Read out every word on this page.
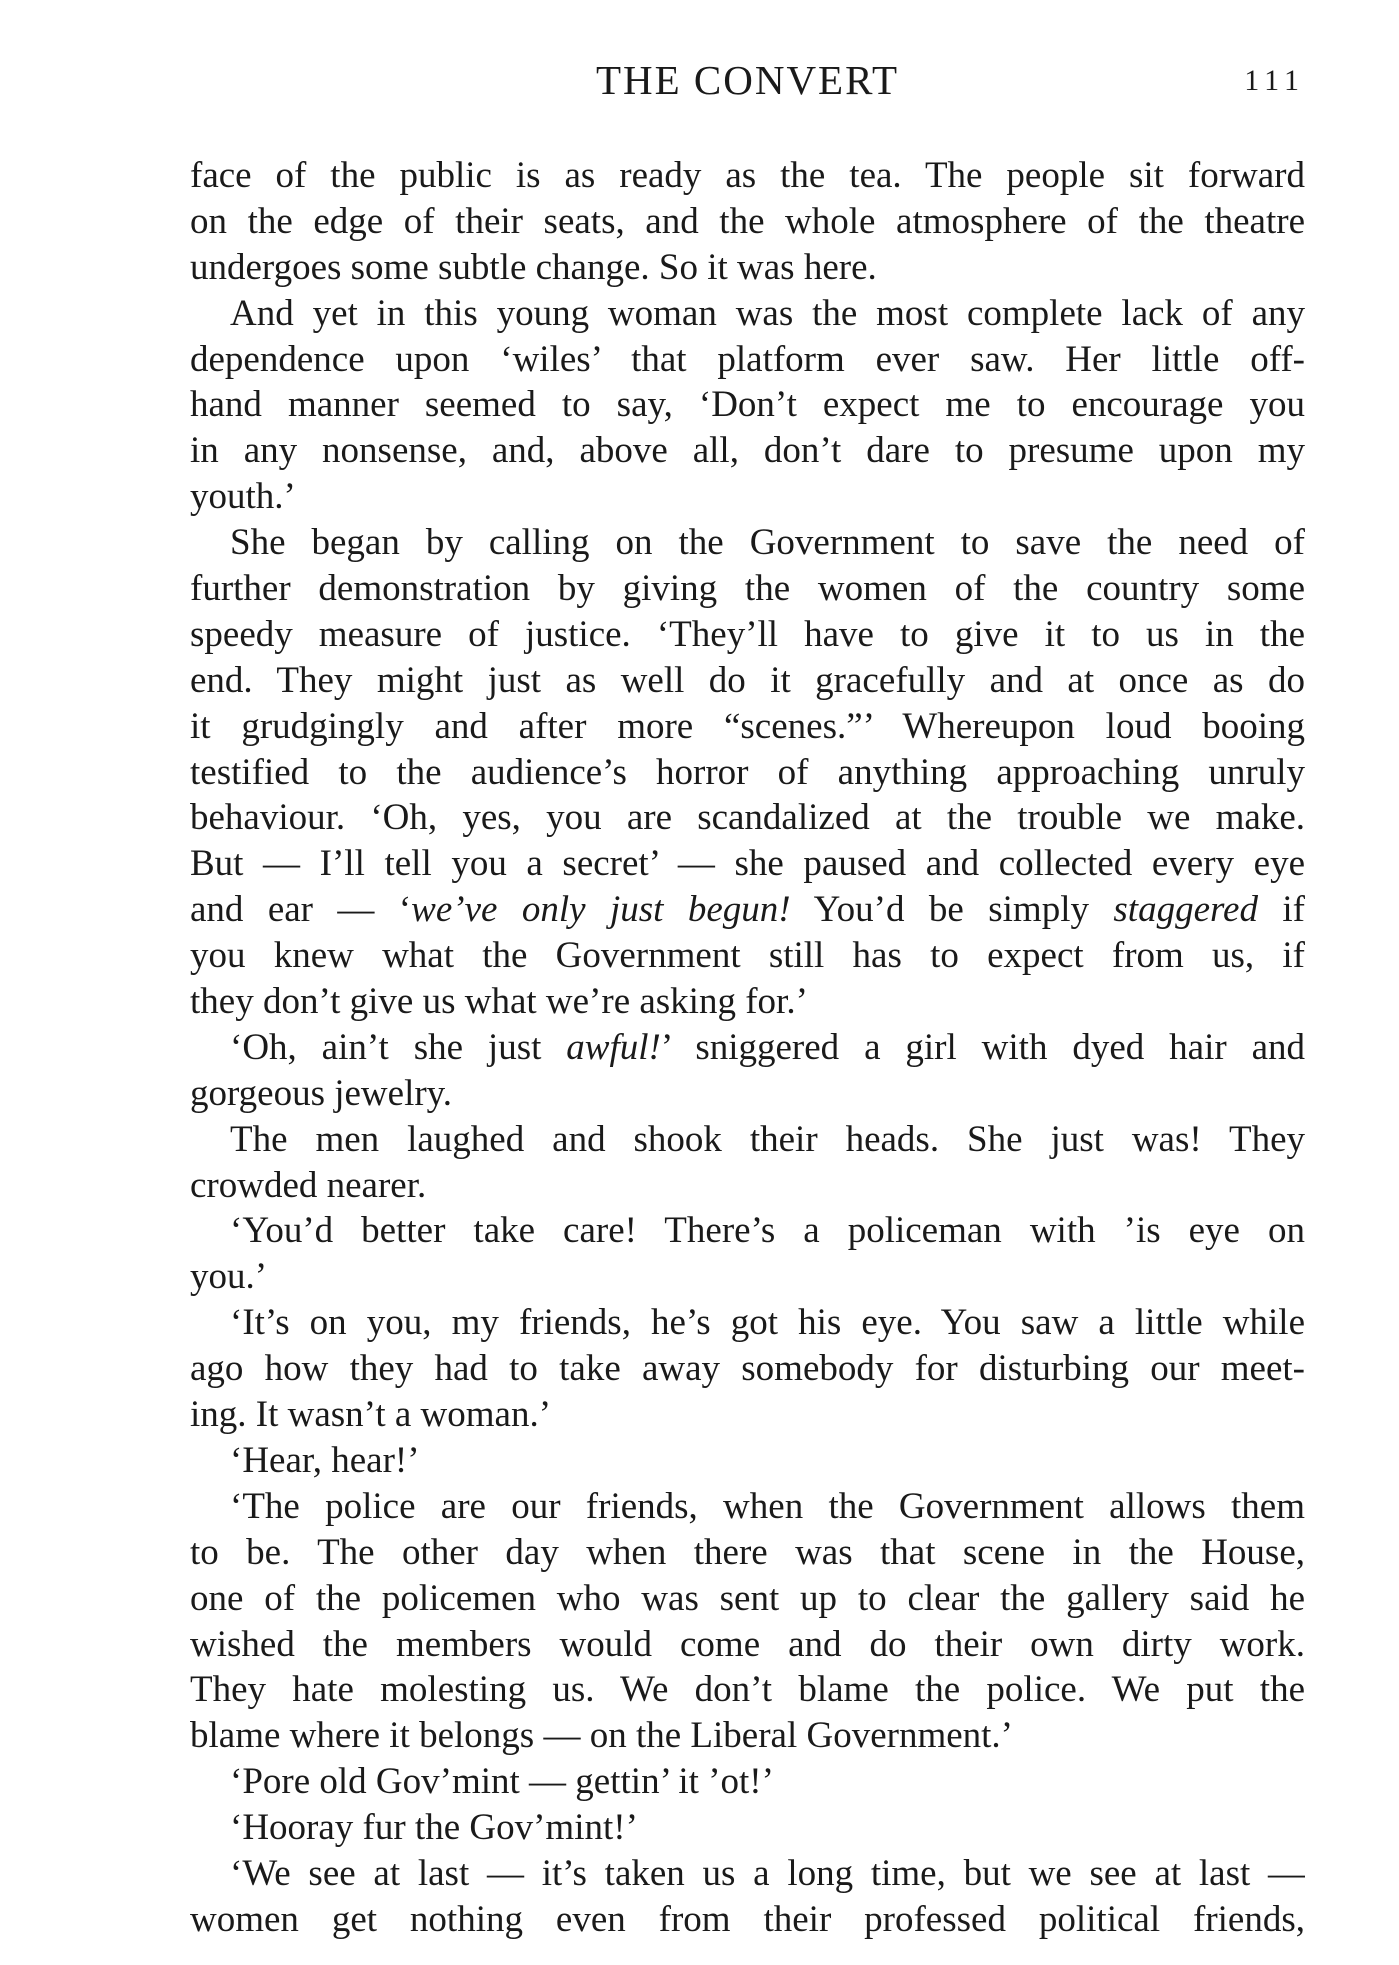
THE CONVERT	111
face of the public is as ready as the tea. The people sit forward
on the edge of their seats, and the whole atmosphere of the theatre
undergoes some subtle change. So it was here.
And yet in this young woman was the most complete lack of any
dependence upon ‘wiles’ that platform ever saw. Her little off-
hand manner seemed to say, ‘Don’t expect me to encourage you
in any nonsense, and, above all, don’t dare to presume upon my
youth.’
She began by calling on the Government to save the need of
further demonstration by giving the women of the country some
speedy measure of justice. ‘They’ll have to give it to us in the
end. They might just as well do it gracefully and at once as do
it grudgingly and after more “scenes.”’ Whereupon loud booing
testified to the audience’s horror of anything approaching unruly
behaviour. ‘Oh, yes, you are scandalized at the trouble we make.
But — I’ll tell you a secret’ — she paused and collected every eye
and ear — ‘we’ve only just begun! You’d be simply staggered if
you knew what the Government still has to expect from us, if
they don’t give us what we’re asking for.’
‘Oh, ain’t she just awful!’ sniggered a girl with dyed hair and
gorgeous jewelry.
The men laughed and shook their heads. She just was! They
crowded nearer.
‘You’d better take care! There’s a policeman with ’is eye on
you.’
‘It’s on you, my friends, he’s got his eye. You saw a little while
ago how they had to take away somebody for disturbing our meet-
ing. It wasn’t a woman.’
‘Hear, hear!’
‘The police are our friends, when the Government allows them
to be. The other day when there was that scene in the House,
one of the policemen who was sent up to clear the gallery said he
wished the members would come and do their own dirty work.
They hate molesting us. We don’t blame the police. We put the
blame where it belongs — on the Liberal Government.’
‘Pore old Gov’mint — gettin’ it ’ot!’
‘Hooray fur the Gov’mint!’
‘We see at last — it’s taken us a long time, but we see at last —
women get nothing even from their professed political friends,
